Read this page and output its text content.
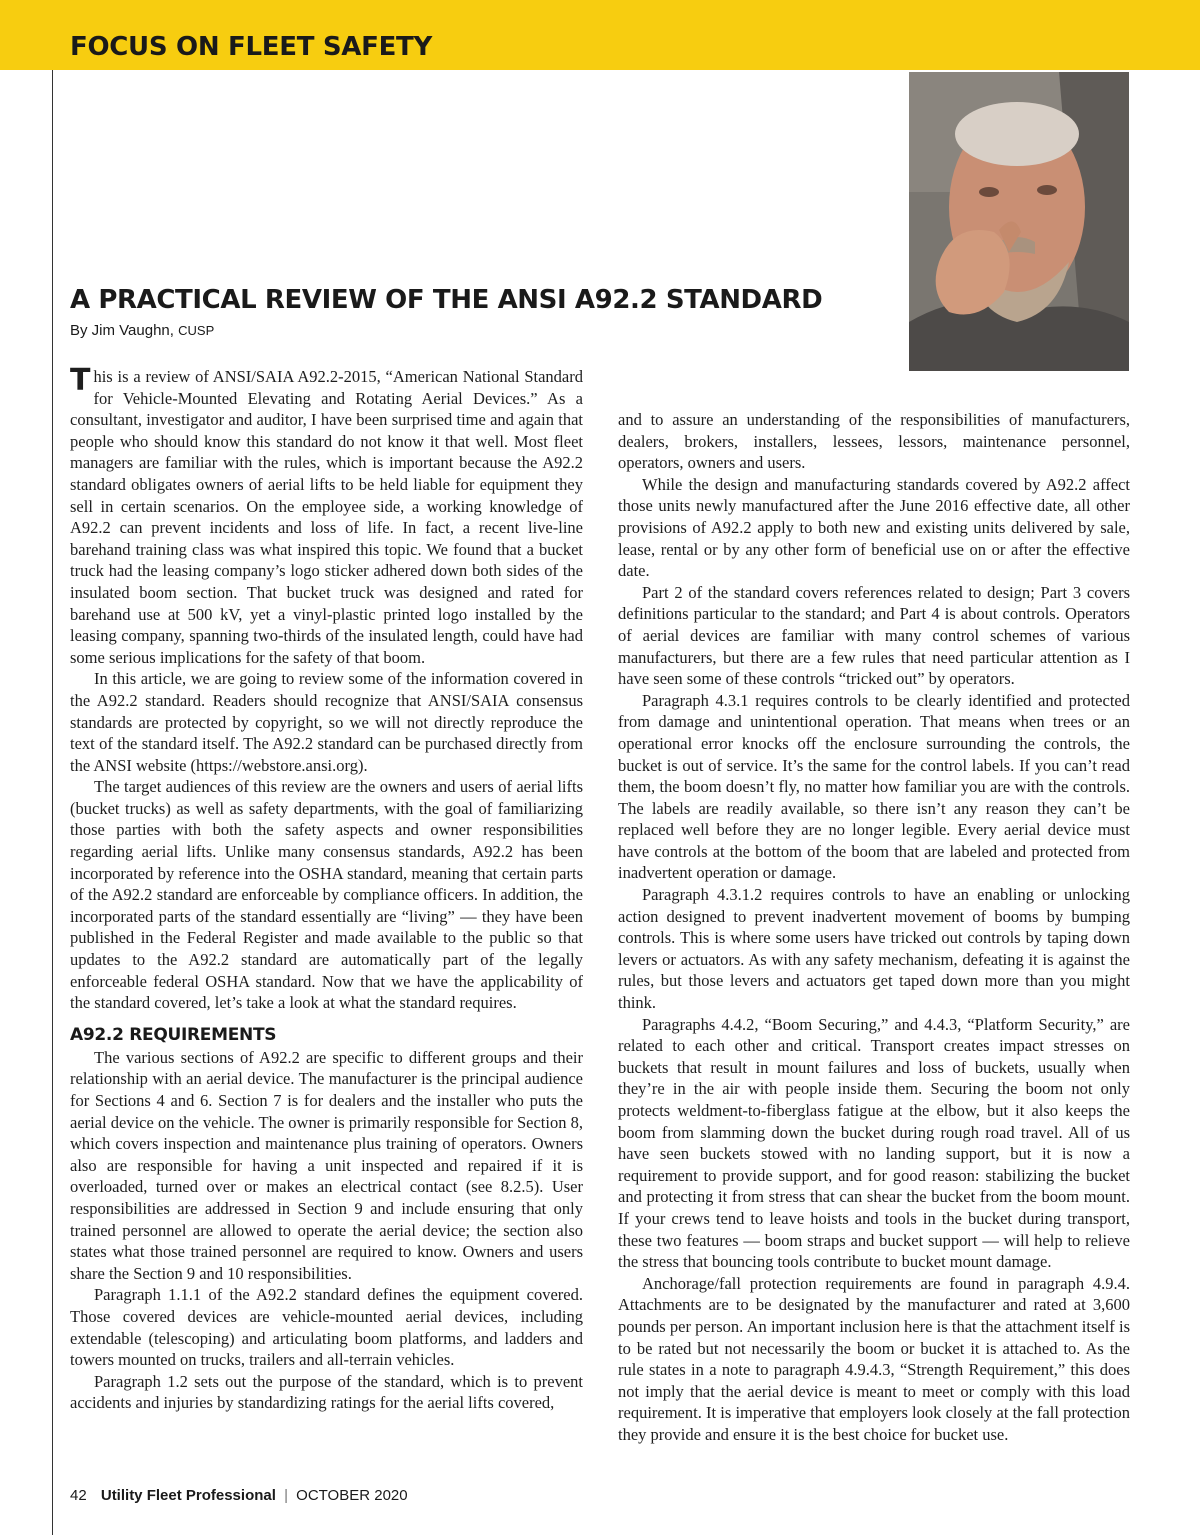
FOCUS ON FLEET SAFETY
A PRACTICAL REVIEW OF THE ANSI A92.2 STANDARD
By Jim Vaughn, CUSP

This is a review of ANSI/SAIA A92.2-2015, “American National Standard for Vehicle-Mounted Elevating and Rotating Aerial Devices.” As a consultant, investigator and auditor, I have been surprised time and again that people who should know this standard do not know it that well. Most fleet managers are familiar with the rules, which is important because the A92.2 standard obligates owners of aerial lifts to be held liable for equipment they sell in certain scenarios. On the employee side, a working knowledge of A92.2 can prevent incidents and loss of life. In fact, a recent live-line barehand training class was what inspired this topic. We found that a bucket truck had the leasing company’s logo sticker adhered down both sides of the insulated boom section. That bucket truck was designed and rated for barehand use at 500 kV, yet a vinyl-plastic printed logo installed by the leasing company, spanning two-thirds of the insulated length, could have had some serious implications for the safety of that boom.

In this article, we are going to review some of the information covered in the A92.2 standard. Readers should recognize that ANSI/SAIA consensus standards are protected by copyright, so we will not directly reproduce the text of the standard itself. The A92.2 standard can be purchased directly from the ANSI website (https://webstore.ansi.org).

The target audiences of this review are the owners and users of aerial lifts (bucket trucks) as well as safety departments, with the goal of familiarizing those parties with both the safety aspects and owner responsibilities regarding aerial lifts. Unlike many consensus standards, A92.2 has been incorporated by reference into the OSHA standard, meaning that certain parts of the A92.2 standard are enforceable by compliance officers. In addition, the incorporated parts of the standard essentially are “living” — they have been published in the Federal Register and made available to the public so that updates to the A92.2 standard are automatically part of the legally enforceable federal OSHA standard. Now that we have the applicability of the standard covered, let’s take a look at what the standard requires.

A92.2 REQUIREMENTS

The various sections of A92.2 are specific to different groups and their relationship with an aerial device. The manufacturer is the principal audience for Sections 4 and 6. Section 7 is for dealers and the installer who puts the aerial device on the vehicle. The owner is primarily responsible for Section 8, which covers inspection and maintenance plus training of operators. Owners also are responsible for having a unit inspected and repaired if it is overloaded, turned over or makes an electrical contact (see 8.2.5). User responsibilities are addressed in Section 9 and include ensuring that only trained personnel are allowed to operate the aerial device; the section also states what those trained personnel are required to know. Owners and users share the Section 9 and 10 responsibilities.

Paragraph 1.1.1 of the A92.2 standard defines the equipment covered. Those covered devices are vehicle-mounted aerial devices, including extendable (telescoping) and articulating boom platforms, and ladders and towers mounted on trucks, trailers and all-terrain vehicles.

Paragraph 1.2 sets out the purpose of the standard, which is to prevent accidents and injuries by standardizing ratings for the aerial lifts covered,

and to assure an understanding of the responsibilities of manufacturers, dealers, brokers, installers, lessees, lessors, maintenance personnel, operators, owners and users.

While the design and manufacturing standards covered by A92.2 affect those units newly manufactured after the June 2016 effective date, all other provisions of A92.2 apply to both new and existing units delivered by sale, lease, rental or by any other form of beneficial use on or after the effective date.

Part 2 of the standard covers references related to design; Part 3 covers definitions particular to the standard; and Part 4 is about controls. Operators of aerial devices are familiar with many control schemes of various manufacturers, but there are a few rules that need particular attention as I have seen some of these controls “tricked out” by operators.

Paragraph 4.3.1 requires controls to be clearly identified and protected from damage and unintentional operation. That means when trees or an operational error knocks off the enclosure surrounding the controls, the bucket is out of service. It’s the same for the control labels. If you can’t read them, the boom doesn’t fly, no matter how familiar you are with the controls. The labels are readily available, so there isn’t any reason they can’t be replaced well before they are no longer legible. Every aerial device must have controls at the bottom of the boom that are labeled and protected from inadvertent operation or damage.

Paragraph 4.3.1.2 requires controls to have an enabling or unlocking action designed to prevent inadvertent movement of booms by bumping controls. This is where some users have tricked out controls by taping down levers or actuators. As with any safety mechanism, defeating it is against the rules, but those levers and actuators get taped down more than you might think.

Paragraphs 4.4.2, “Boom Securing,” and 4.4.3, “Platform Security,” are related to each other and critical. Transport creates impact stresses on buckets that result in mount failures and loss of buckets, usually when they’re in the air with people inside them. Securing the boom not only protects weldment-to-fiberglass fatigue at the elbow, but it also keeps the boom from slamming down the bucket during rough road travel. All of us have seen buckets stowed with no landing support, but it is now a requirement to provide support, and for good reason: stabilizing the bucket and protecting it from stress that can shear the bucket from the boom mount. If your crews tend to leave hoists and tools in the bucket during transport, these two features — boom straps and bucket support — will help to relieve the stress that bouncing tools contribute to bucket mount damage.

Anchorage/fall protection requirements are found in paragraph 4.9.4. Attachments are to be designated by the manufacturer and rated at 3,600 pounds per person. An important inclusion here is that the attachment itself is to be rated but not necessarily the boom or bucket it is attached to. As the rule states in a note to paragraph 4.9.4.3, “Strength Requirement,” this does not imply that the aerial device is meant to meet or comply with this load requirement. It is imperative that employers look closely at the fall protection they provide and ensure it is the best choice for bucket use.

42 Utility Fleet Professional | OCTOBER 2020
